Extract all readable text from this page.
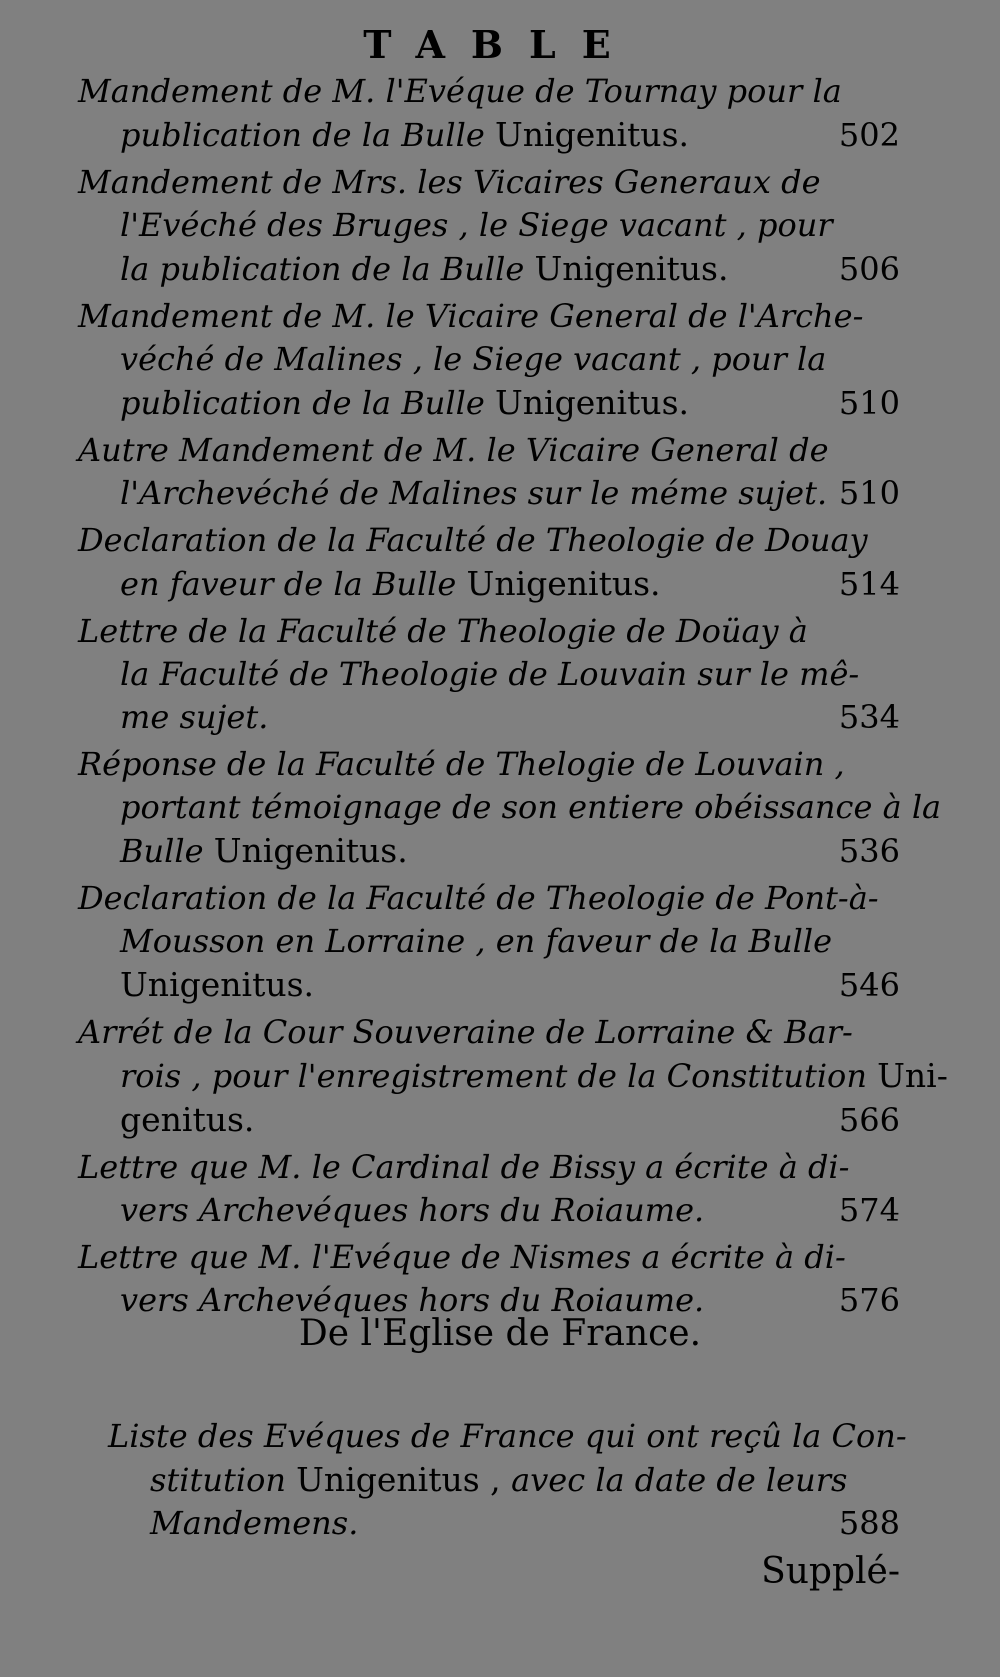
TABLE
Mandement de M. l'Evéque de Tournay pour la
publication de la Bulle Unigenitus.	502
Mandement de Mrs. les Vicaires Generaux de
l'Evéché des Bruges , le Siege vacant , pour
la publication de la Bulle Unigenitus.	506
Mandement de M. le Vicaire General de l'Arche-
véché de Malines , le Siege vacant , pour la
publication de la Bulle Unigenitus.	510
Autre Mandement de M. le Vicaire General de
l'Archevéché de Malines sur le méme sujet. 510
Declaration de la Faculté de Theologie de Douay
en faveur de la Bulle Unigenitus.	514
Lettre de la Faculté de Theologie de Doüay à
la Faculté de Theologie de Louvain sur le mê-
me sujet.	534
Réponse de la Faculté de Thelogie de Louvain ,
portant témoignage de son entiere obéissance à la
Bulle Unigenitus.	536
Declaration de la Faculté de Theologie de Pont-à-
Mousson en Lorraine , en faveur de la Bulle
Unigenitus.	546
Arrét de la Cour Souveraine de Lorraine & Bar-
rois , pour l'enregistrement de la Constitution Uni-
genitus.	566
Lettre que M. le Cardinal de Bissy a écrite à di-
vers Archevéques hors du Roiaume.	574
Lettre que M. l'Evéque de Nismes a écrite à di-
vers Archevéques hors du Roiaume.	576
De l'Eglise de France.
Liste des Evéques de France qui ont reçû la Con-
stitution Unigenitus , avec la date de leurs
Mandemens.	588
Supplé-
